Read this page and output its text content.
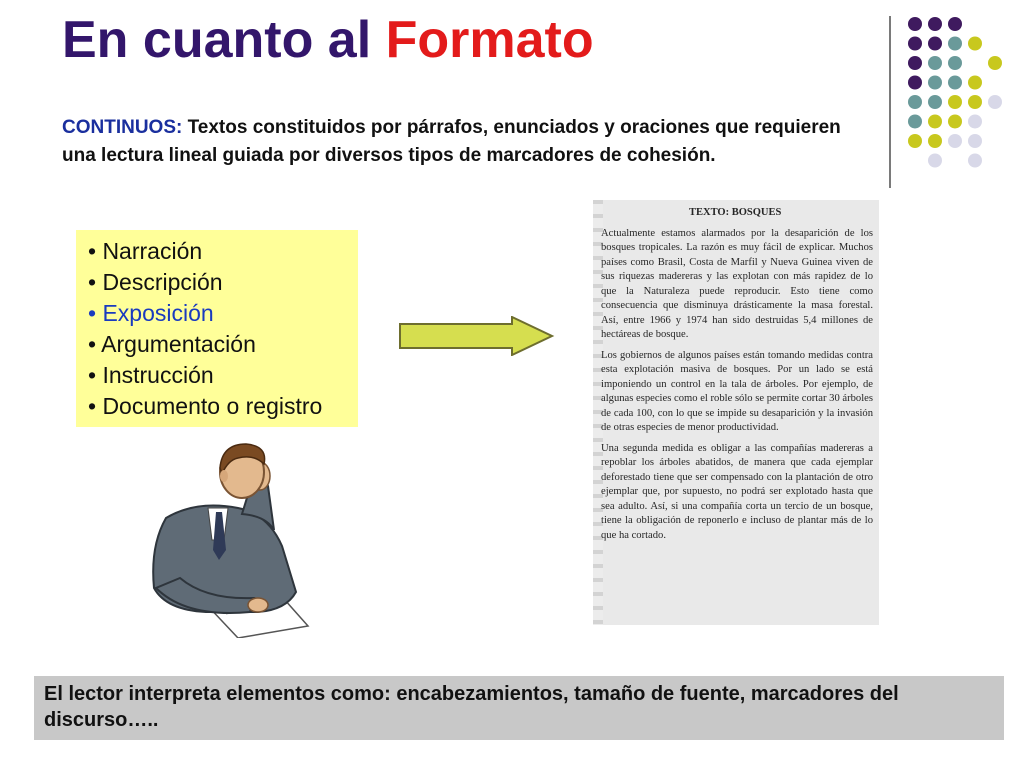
En cuanto al Formato
CONTINUOS: Textos constituidos por párrafos, enunciados y oraciones que requieren una lectura lineal guiada por diversos tipos de marcadores de cohesión.
• Narración
• Descripción
• Exposición
• Argumentación
• Instrucción
• Documento o registro
TEXTO: BOSQUES

Actualmente estamos alarmados por la desaparición de los bosques tropicales. La razón es muy fácil de explicar. Muchos países como Brasil, Costa de Marfil y Nueva Guinea viven de sus riquezas madereras y las explotan con más rapidez de lo que la Naturaleza puede reproducir. Esto tiene como consecuencia que disminuya drásticamente la masa forestal. Así, entre 1966 y 1974 han sido destruidas 5,4 millones de hectáreas de bosque.

Los gobiernos de algunos países están tomando medidas contra esta explotación masiva de bosques. Por un lado se está imponiendo un control en la tala de árboles. Por ejemplo, de algunas especies como el roble sólo se permite cortar 30 árboles de cada 100, con lo que se impide su desaparición y la invasión de otras especies de menor productividad.

Una segunda medida es obligar a las compañías madereras a repoblar los árboles abatidos, de manera que cada ejemplar deforestado tiene que ser compensado con la plantación de otro ejemplar que, por supuesto, no podrá ser explotado hasta que sea adulto. Así, si una compañía corta un tercio de un bosque, tiene la obligación de reponerlo e incluso de plantar más de lo que ha cortado.

El lector interpreta elementos como: encabezamientos, tamaño de fuente, marcadores del discurso…..
